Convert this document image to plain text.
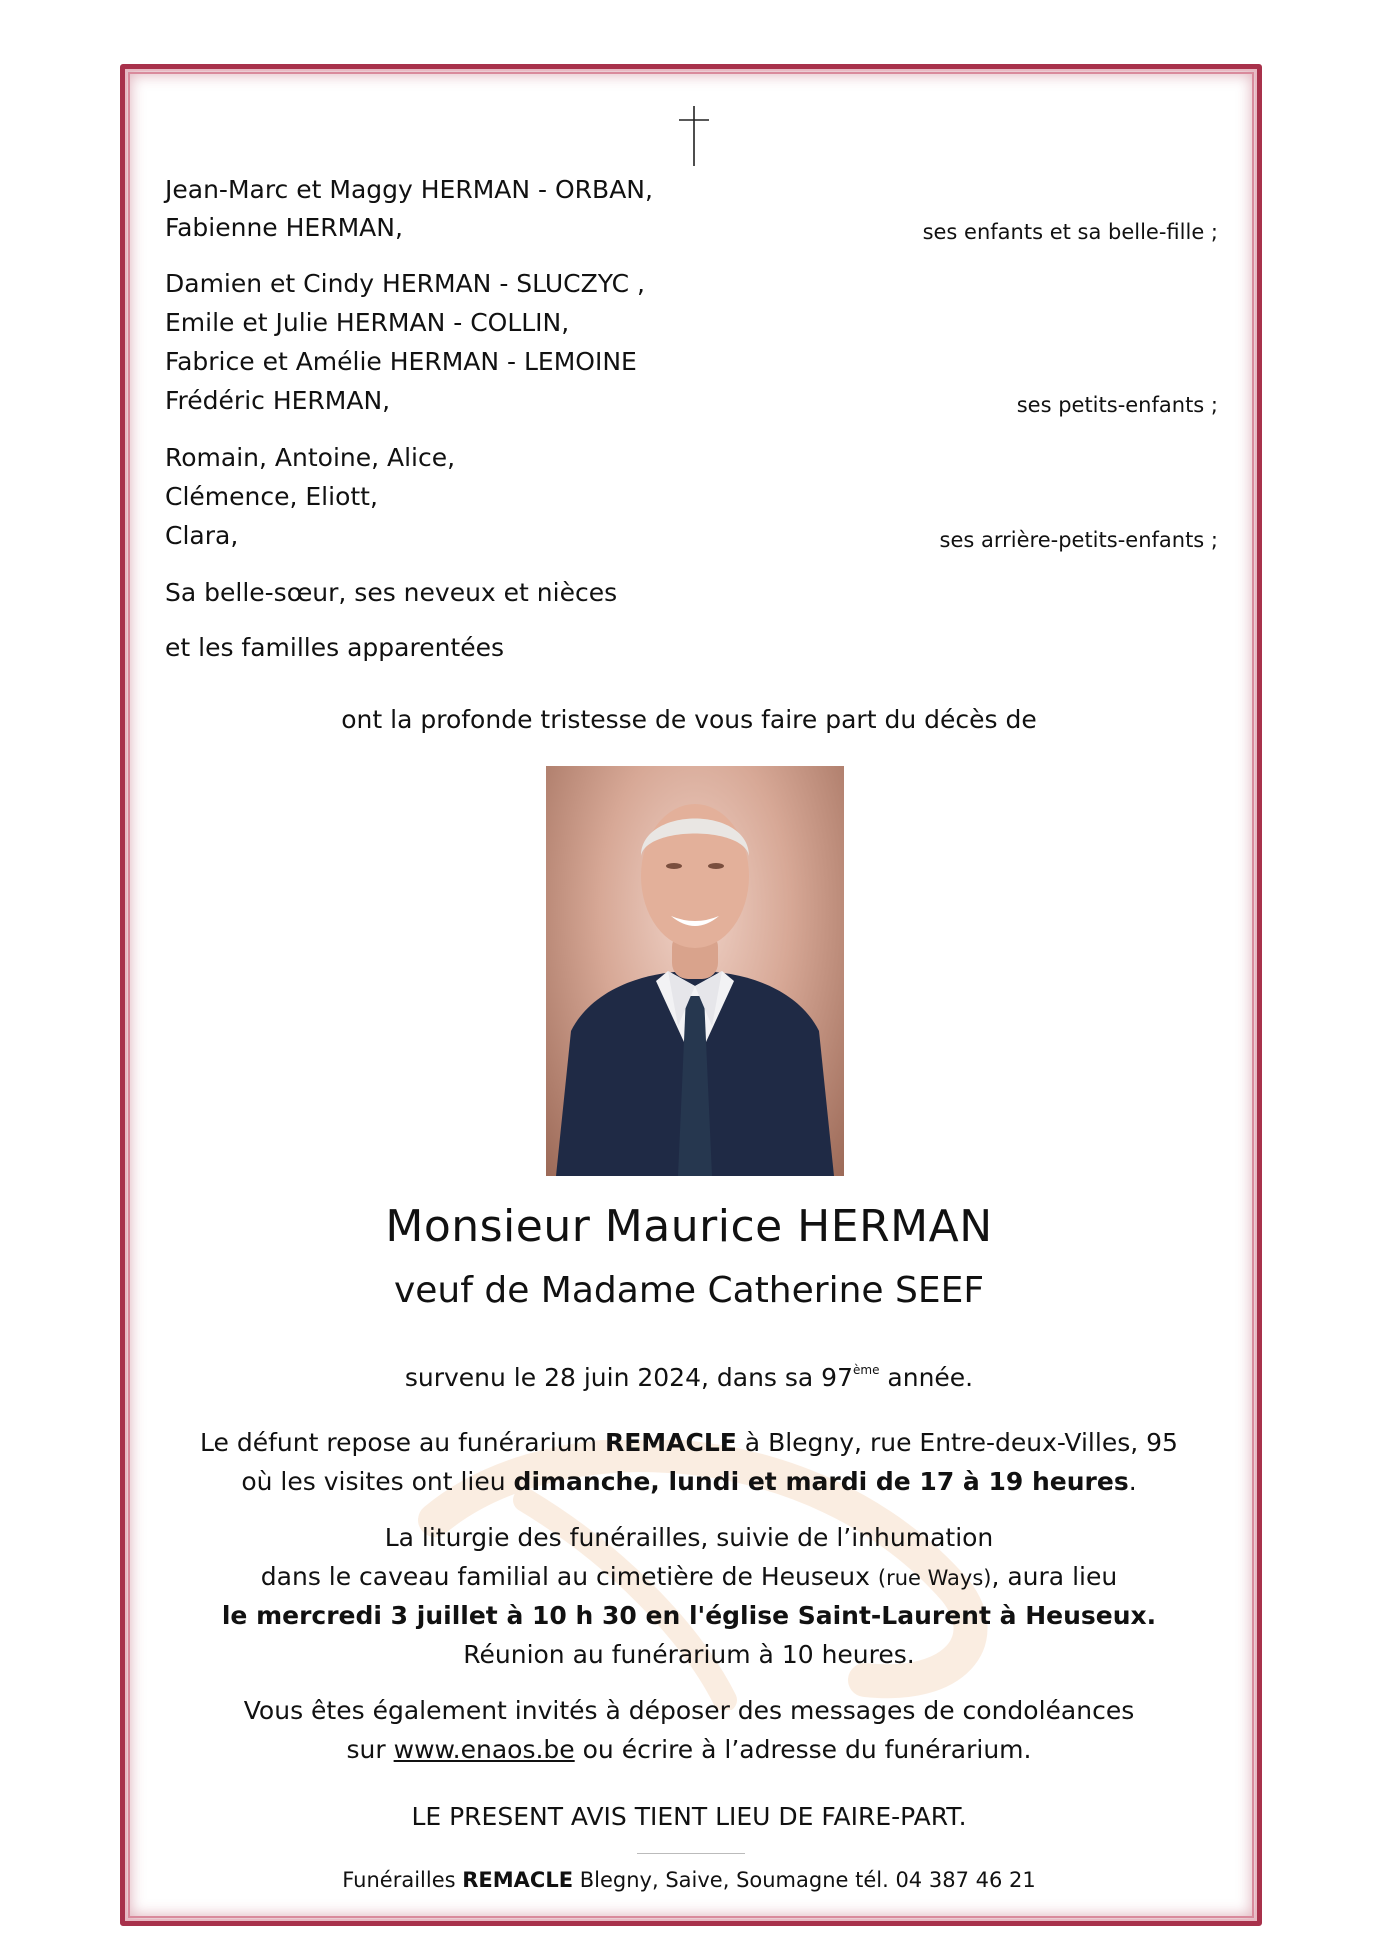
Jean-Marc et Maggy HERMAN - ORBAN,
Fabienne HERMAN,	ses enfants et sa belle-fille ;
Damien et Cindy HERMAN - SLUCZYC ,
Emile et Julie HERMAN - COLLIN,
Fabrice et Amélie HERMAN - LEMOINE
Frédéric HERMAN,	ses petits-enfants ;
Romain, Antoine, Alice,
Clémence, Eliott,
Clara,	ses arrière-petits-enfants ;
Sa belle-sœur, ses neveux et nièces
et les familles apparentées
ont la profonde tristesse de vous faire part du décès de
Monsieur Maurice HERMAN
veuf de Madame Catherine SEEF
survenu le 28 juin 2024, dans sa 97ème année.
Le défunt repose au funérarium REMACLE à Blegny, rue Entre-deux-Villes, 95
où les visites ont lieu dimanche, lundi et mardi de 17 à 19 heures.
La liturgie des funérailles, suivie de l’inhumation
dans le caveau familial au cimetière de Heuseux (rue Ways), aura lieu
le mercredi 3 juillet à 10 h 30 en l'église Saint-Laurent à Heuseux.
Réunion au funérarium à 10 heures.
Vous êtes également invités à déposer des messages de condoléances
sur www.enaos.be ou écrire à l’adresse du funérarium.
LE PRESENT AVIS TIENT LIEU DE FAIRE-PART.
Funérailles REMACLE Blegny, Saive, Soumagne tél. 04 387 46 21
